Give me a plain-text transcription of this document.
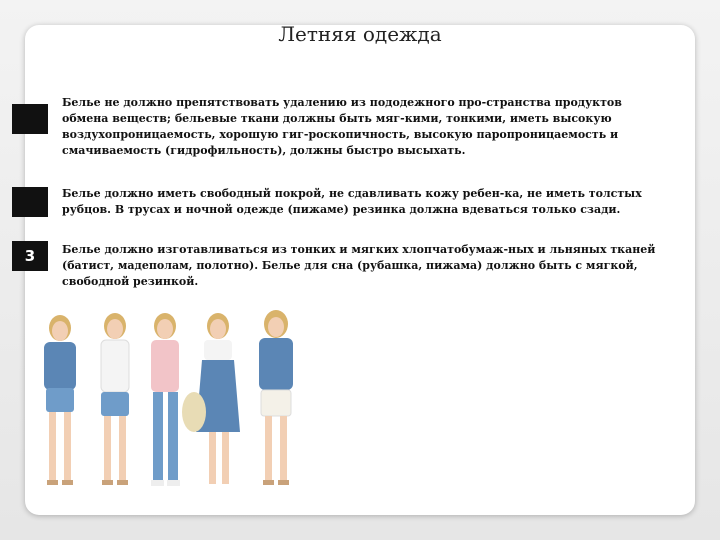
Летняя одежда
Белье не должно препятствовать удалению из пододежного про-странства продуктов обмена веществ; бельевые ткани должны быть мяг-кими, тонкими, иметь высокую воздухопроницаемость, хорошую гиг-роскопичность, высокую паропроницаемость и смачиваемость (гидрофильность), должны быстро высыхать.
Белье должно иметь свободный покрой, не сдавливать кожу ребен-ка, не иметь толстых рубцов. В трусах и ночной одежде (пижаме) резинка должна вдеваться только сзади.
3	Белье должно изготавливаться из тонких и мягких хлопчатобумаж-ных и льняных тканей (батист, мадеполам, полотно). Белье для сна (рубашка, пижама) должно быть с мягкой, свободной резинкой.
